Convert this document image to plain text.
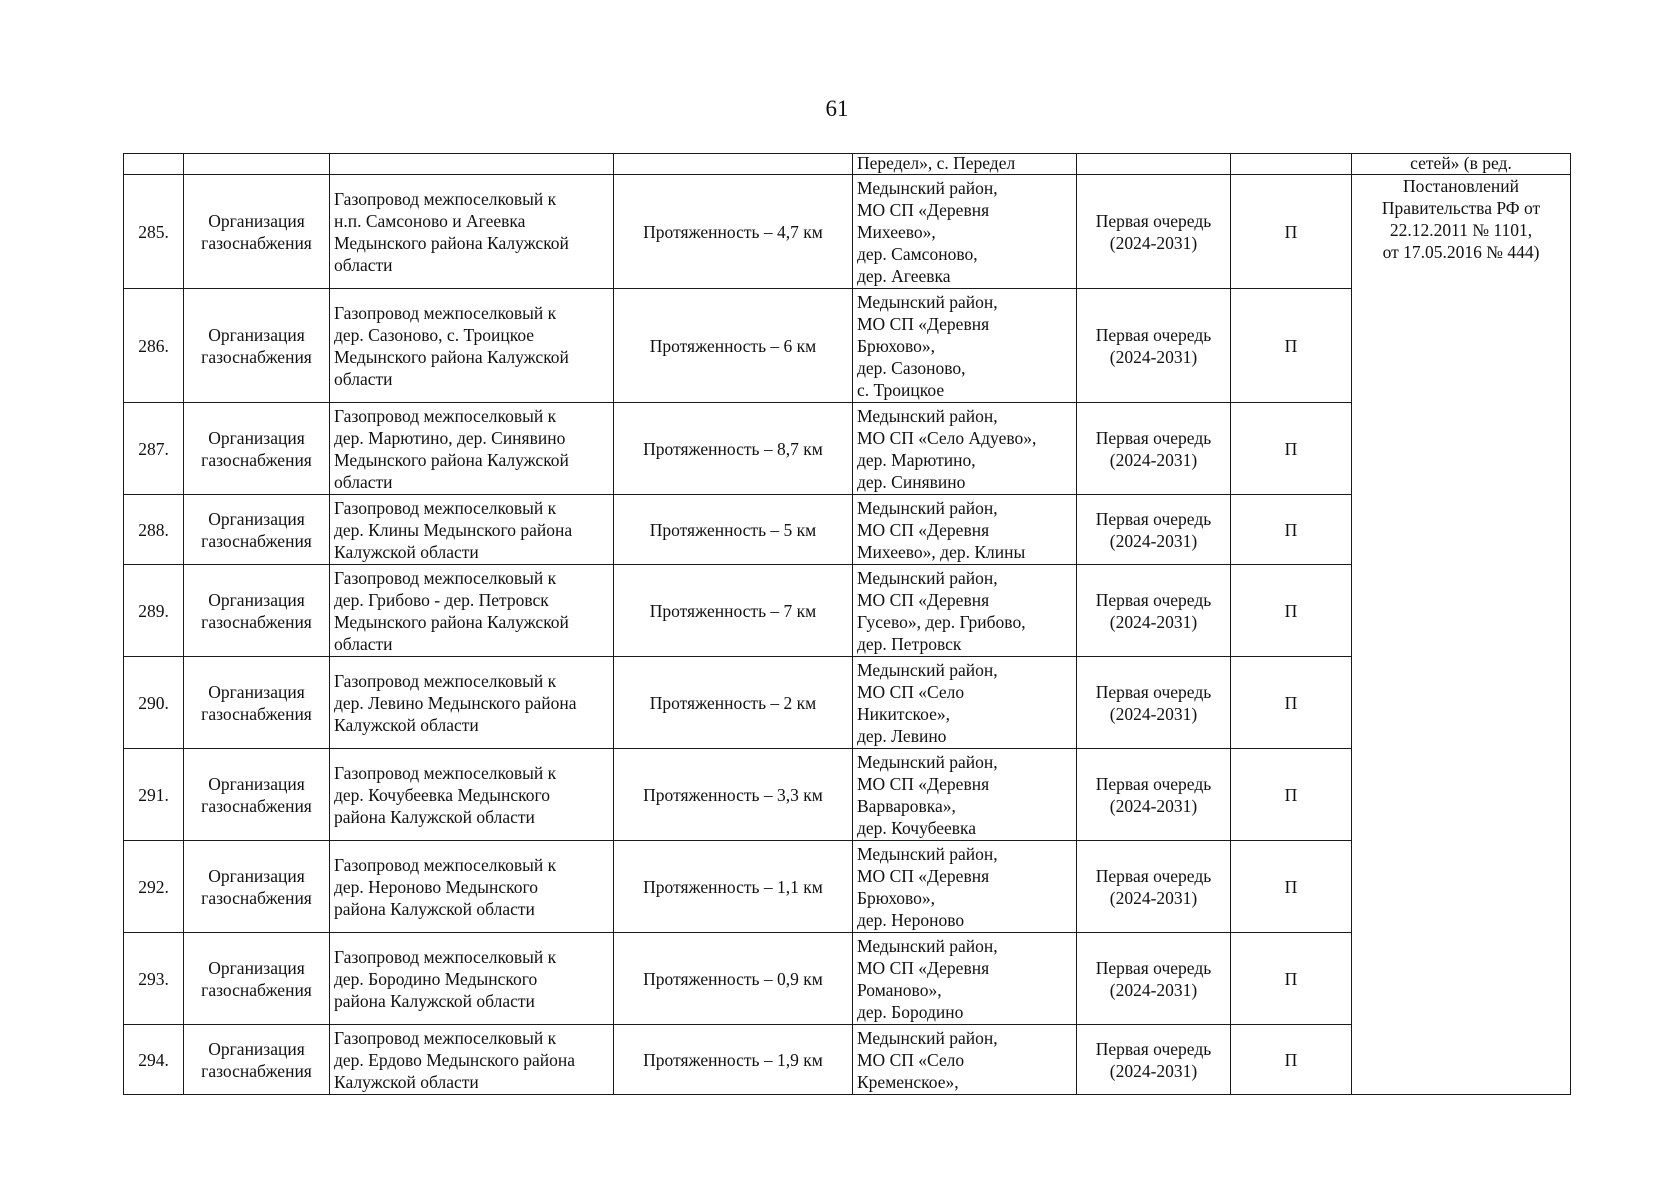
61
				Передел», с. Передел			сетей» (в ред.
285.	Организация
газоснабжения	Газопровод межпоселковый к
н.п. Самсоново и Агеевка
Медынского района Калужской
области	Протяженность – 4,7 км	Медынский район,
МО СП «Деревня
Михеево»,
дер. Самсоново,
дер. Агеевка	Первая очередь
(2024-2031)	П	Постановлений
Правительства РФ от
22.12.2011 № 1101,
от 17.05.2016 № 444)

286.	Организация
газоснабжения	Газопровод межпоселковый к
дер. Сазоново, с. Троицкое
Медынского района Калужской
области	Протяженность – 6 км	Медынский район,
МО СП «Деревня
Брюхово»,
дер. Сазоново,
с. Троицкое	Первая очередь
(2024-2031)	П	
287.	Организация
газоснабжения	Газопровод межпоселковый к
дер. Марютино, дер. Синявино
Медынского района Калужской
области	Протяженность – 8,7 км	Медынский район,
МО СП «Село Адуево»,
дер. Марютино,
дер. Синявино	Первая очередь
(2024-2031)	П	
288.	Организация
газоснабжения	Газопровод межпоселковый к
дер. Клины Медынского района
Калужской области	Протяженность – 5 км	Медынский район,
МО СП «Деревня
Михеево», дер. Клины	Первая очередь
(2024-2031)	П	
289.	Организация
газоснабжения	Газопровод межпоселковый к
дер. Грибово - дер. Петровск
Медынского района Калужской
области	Протяженность – 7 км	Медынский район,
МО СП «Деревня
Гусево», дер. Грибово,
дер. Петровск	Первая очередь
(2024-2031)	П	
290.	Организация
газоснабжения	Газопровод межпоселковый к
дер. Левино Медынского района
Калужской области	Протяженность – 2 км	Медынский район,
МО СП «Село
Никитское»,
дер. Левино	Первая очередь
(2024-2031)	П	
291.	Организация
газоснабжения	Газопровод межпоселковый к
дер. Кочубеевка Медынского
района Калужской области	Протяженность – 3,3 км	Медынский район,
МО СП «Деревня
Варваровка»,
дер. Кочубеевка	Первая очередь
(2024-2031)	П	
292.	Организация
газоснабжения	Газопровод межпоселковый к
дер. Нероново Медынского
района Калужской области	Протяженность – 1,1 км	Медынский район,
МО СП «Деревня
Брюхово»,
дер. Нероново	Первая очередь
(2024-2031)	П	
293.	Организация
газоснабжения	Газопровод межпоселковый к
дер. Бородино Медынского
района Калужской области	Протяженность – 0,9 км	Медынский район,
МО СП «Деревня
Романово»,
дер. Бородино	Первая очередь
(2024-2031)	П	
294.	Организация
газоснабжения	Газопровод межпоселковый к
дер. Ердово Медынского района
Калужской области	Протяженность – 1,9 км	Медынский район,
МО СП «Село
Кременское»,	Первая очередь
(2024-2031)	П	
